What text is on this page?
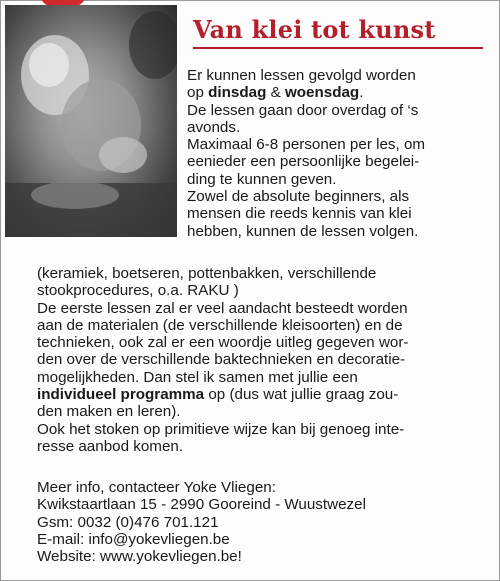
Van klei tot kunst
Er kunnen lessen gevolgd worden
op dinsdag & woensdag.
De lessen gaan door overdag of ‘s
avonds.
Maximaal 6-8 personen per les, om
eenieder een persoonlijke begelei-
ding te kunnen geven.
Zowel de absolute beginners, als
mensen die reeds kennis van klei
hebben, kunnen de lessen volgen.
(keramiek, boetseren, pottenbakken, verschillende
stookprocedures, o.a. RAKU )
De eerste lessen zal er veel aandacht besteedt worden
aan de materialen (de verschillende kleisoorten) en de
technieken, ook zal er een woordje uitleg gegeven wor-
den over de verschillende baktechnieken en decoratie-
mogelijkheden. Dan stel ik samen met jullie een
individueel programma op (dus wat jullie graag zou-
den maken en leren).
Ook het stoken op primitieve wijze kan bij genoeg inte-
resse aanbod komen.
Meer info, contacteer Yoke Vliegen:
Kwikstaartlaan 15 - 2990 Gooreind - Wuustwezel
Gsm: 0032 (0)476 701.121
E-mail: info@yokevliegen.be
Website: www.yokevliegen.be!
